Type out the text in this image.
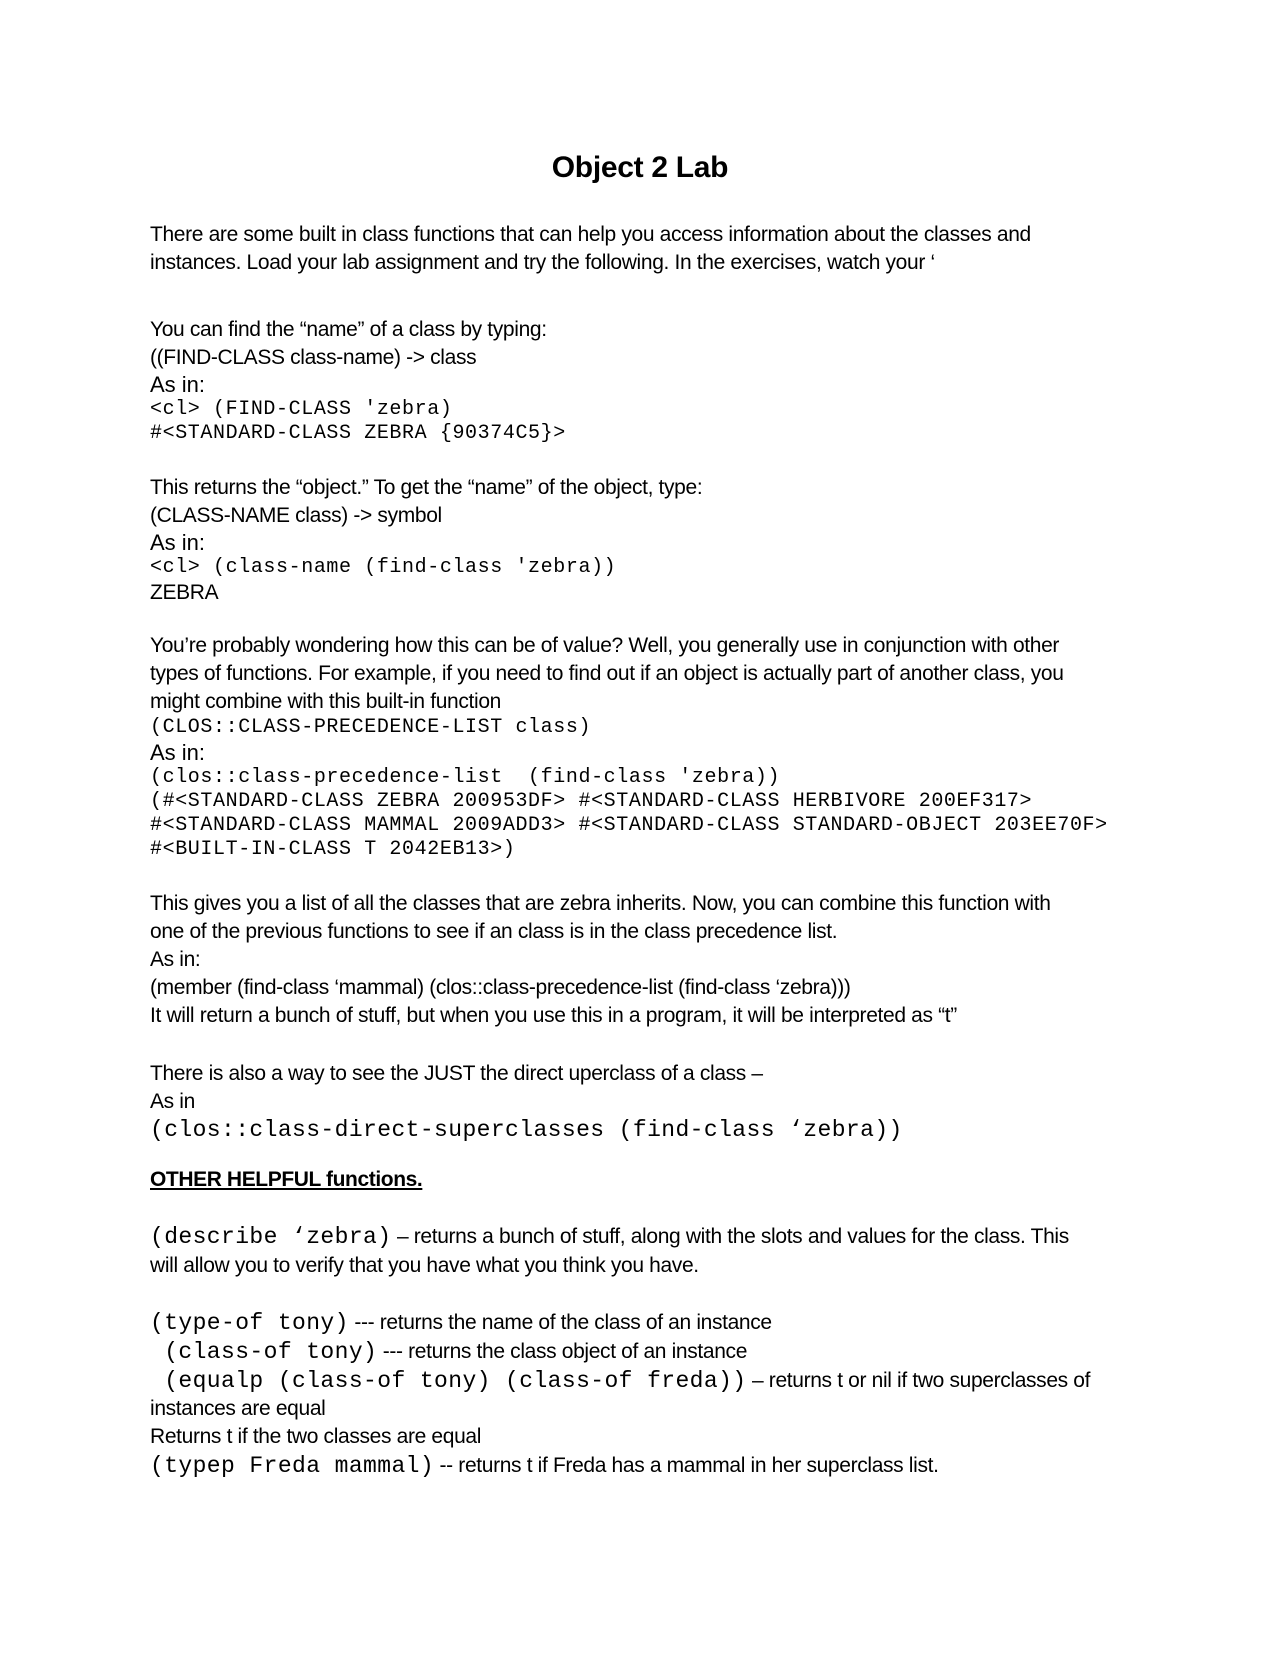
Object 2 Lab
There are some built in class functions that can help you access information about the classes and
instances. Load your lab assignment and try the following. In the exercises, watch your ‘
You can find the “name” of a class by typing:
((FIND-CLASS class-name) -> class
As in:
<cl> (FIND-CLASS 'zebra)
#<STANDARD-CLASS ZEBRA {90374C5}>
This returns the “object.” To get the “name” of the object, type:
(CLASS-NAME class) -> symbol
As in:
<cl> (class-name (find-class 'zebra))
ZEBRA
You’re probably wondering how this can be of value? Well, you generally use in conjunction with other
types of functions. For example, if you need to find out if an object is actually part of another class, you
might combine with this built-in function
(CLOS::CLASS-PRECEDENCE-LIST class)
As in:
(clos::class-precedence-list  (find-class 'zebra))
(#<STANDARD-CLASS ZEBRA 200953DF> #<STANDARD-CLASS HERBIVORE 200EF317>
#<STANDARD-CLASS MAMMAL 2009ADD3> #<STANDARD-CLASS STANDARD-OBJECT 203EE70F>
#<BUILT-IN-CLASS T 2042EB13>)
This gives you a list of all the classes that are zebra inherits. Now, you can combine this function with
one of the previous functions to see if an class is in the class precedence list.
As in:
(member (find-class ‘mammal) (clos::class-precedence-list (find-class ‘zebra)))
It will return a bunch of stuff, but when you use this in a program, it will be interpreted as “t”
There is also a way to see the JUST the direct uperclass of a class –
As in
(clos::class-direct-superclasses (find-class ‘zebra))
OTHER HELPFUL functions.
(describe ‘zebra) – returns a bunch of stuff, along with the slots and values for the class. This
will allow you to verify that you have what you think you have.
(type-of tony) --- returns the name of the class of an instance
(class-of tony) --- returns the class object of an instance
(equalp (class-of tony) (class-of freda)) – returns t or nil if two superclasses of
instances are equal
Returns t if the two classes are equal
(typep Freda mammal) -- returns t if Freda has a mammal in her superclass list.
